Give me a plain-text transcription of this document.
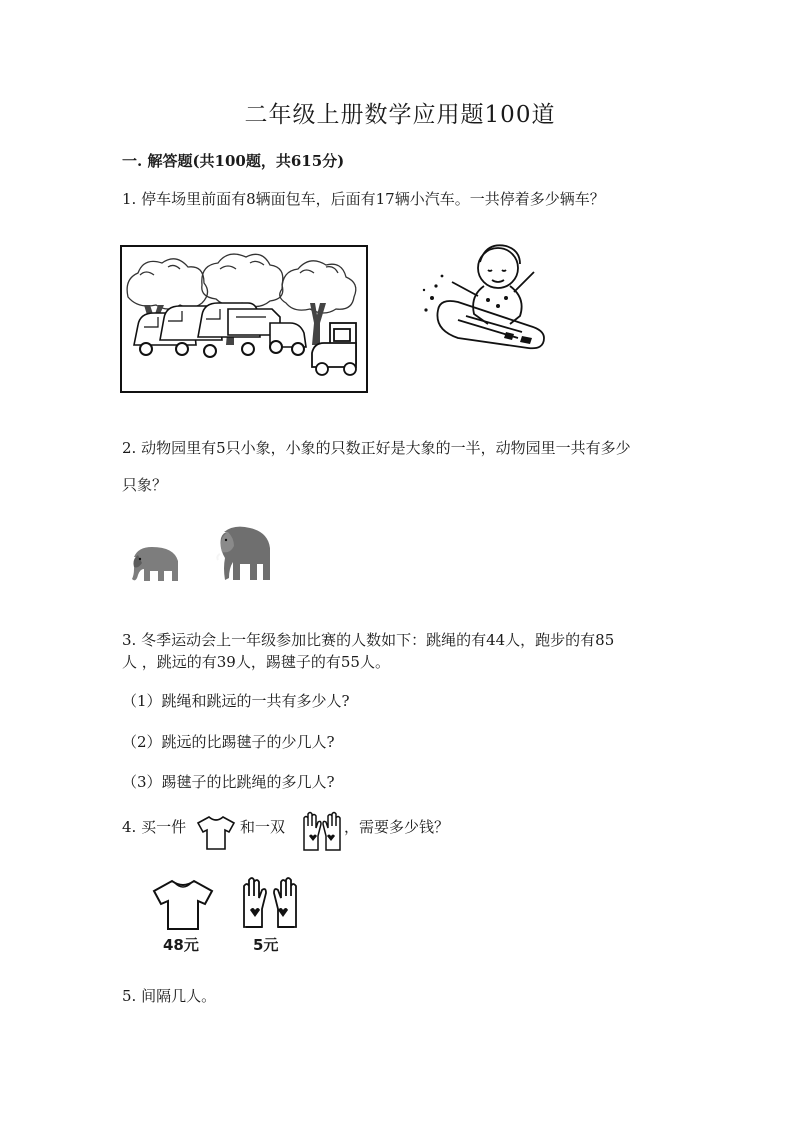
二年级上册数学应用题100道
一. 解答题(共100题，共615分)
1. 停车场里前面有8辆面包车，后面有17辆小汽车。一共停着多少辆车？
2. 动物园里有5只小象，小象的只数正好是大象的一半，动物园里一共有多少
只象？
3. 冬季运动会上一年级参加比赛的人数如下：跳绳的有44人，跑步的有85
人 ，跳远的有39人，踢毽子的有55人。
（1）跳绳和跳远的一共有多少人?
（2）跳远的比踢毽子的少几人?
（3）踢毽子的比跳绳的多几人?
4. 买一件	和一双	，需要多少钱？
48元	5元
5. 间隔几人。
